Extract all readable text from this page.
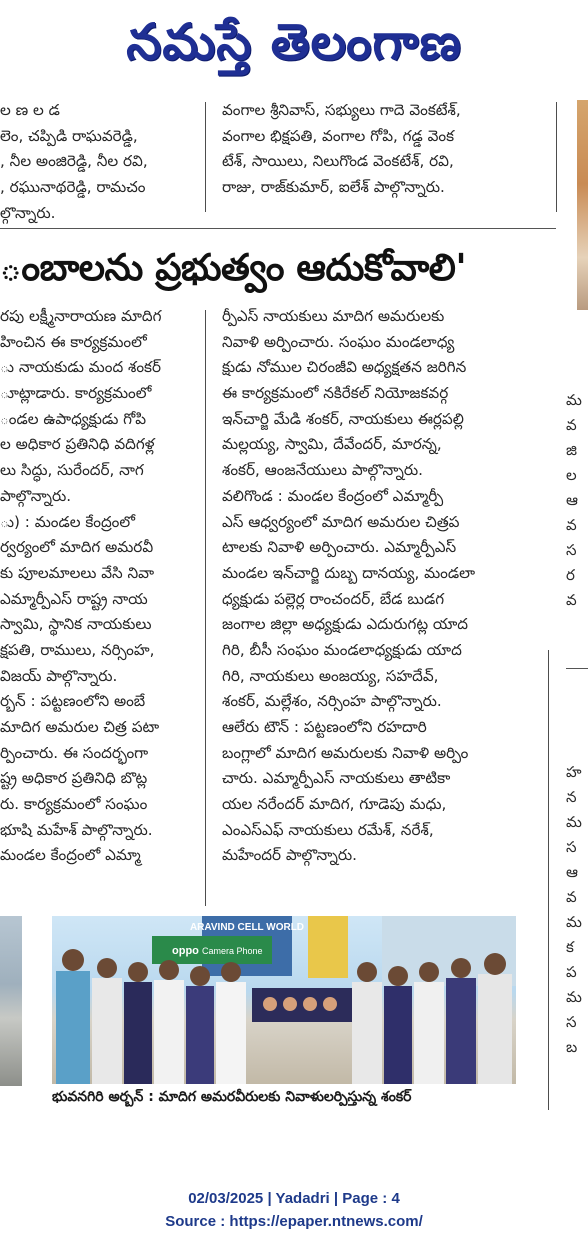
నమస్తే తెలంగాణ
ల ణ ల డ
లెం, చప్పిడి రాఘవరెడ్డి,
, నీల అంజిరెడ్డి, నీల రవి,
, రఘునాథరెడ్డి, రామచం
ల్గొన్నారు.
వంగాల శ్రీనివాస్, సభ్యులు గాదె వెంకటేశ్,
వంగాల భిక్షపతి, వంగాల గోపి, గడ్డ వెంక
టేశ్, సాయిలు, నిలుగొండ వెంకటేశ్, రవి,
రాజు, రాజ్‌కుమార్, ఐలేశ్ పాల్గొన్నారు.
ంబాలను ప్రభుత్వం ఆదుకోవాలి'
రపు లక్ష్మీనారాయణ మాదిగ
హించిన ఈ కార్యక్రమంలో
ు నాయకుడు మంద శంకర్
ూట్లాడారు. కార్యక్రమంలో
ండల ఉపాధ్యక్షుడు గోపి
ల అధికార ప్రతినిధి వదిగళ్ల
లు సిద్ధు, సురేందర్, నాగ
పాల్గొన్నారు.
ు) : మండల కేంద్రంలో
ర్వర్యంలో మాదిగ అమరవీ
కు పూలమాలలు వేసి నివా
ఎమ్మార్పీఎస్ రాష్ట్ర నాయ
స్వామి, స్థానిక నాయకులు
క్షపతి, రాములు, నర్సింహ,
విజయ్ పాల్గొన్నారు.
ర్బన్ : పట్టణంలోని అంబే
మాదిగ అమరుల చిత్ర పటా
ర్పించారు. ఈ సందర్భంగా
ష్ట్ర అధికార ప్రతినిధి బొట్ల
రు. కార్యక్రమంలో సంఘం
భూషి మహేశ్ పాల్గొన్నారు.
మండల కేంద్రంలో ఎమ్మా
ర్పీఎస్ నాయకులు మాదిగ అమరులకు
నివాళి అర్పించారు. సంఘం మండలాధ్య
క్షుడు నోముల చిరంజీవి అధ్యక్షతన జరిగిన
ఈ కార్యక్రమంలో నకిరేకల్ నియోజకవర్గ
ఇన్‌చార్జి మేడి శంకర్, నాయకులు ఈర్లపల్లి
మల్లయ్య, స్వామి, దేవేందర్, మారన్న,
శంకర్, ఆంజనేయులు పాల్గొన్నారు.
వలిగొండ : మండల కేంద్రంలో ఎమ్మార్పీ
ఎస్ ఆధ్వర్యంలో మాదిగ అమరుల చిత్రప
టాలకు నివాళి అర్పించారు. ఎమ్మార్పీఎస్
మండల ఇన్‌చార్జి దుబ్బ దానయ్య, మండలా
ధ్యక్షుడు పల్లెర్ల రాంచందర్, బేడ బుడగ
జంగాల జిల్లా అధ్యక్షుడు ఎదురుగట్ల యాద
గిరి, బీసీ సంఘం మండలాధ్యక్షుడు యాద
గిరి, నాయకులు అంజయ్య, సహదేవ్,
శంకర్, మల్లేశం, నర్సింహ పాల్గొన్నారు.
ఆలేరు టౌన్ : పట్టణంలోని రహదారి
బంగ్లాలో మాదిగ అమరులకు నివాళి అర్పిం
చారు. ఎమ్మార్పీఎస్ నాయకులు తాటికా
యల నరేందర్ మాదిగ, గూడెపు మధు,
ఎంఎస్ఎఫ్ నాయకులు రమేశ్, నరేశ్,
మహేందర్ పాల్గొన్నారు.
ARAVIND CELL WORLD
oppo Camera Phone
భువనగిరి అర్బన్ : మాదిగ అమరవీరులకు నివాళులర్పిస్తున్న శంకర్
మ
వ
జి
ల
ఆ
వ
స
ర
వ
హ
న
మ
స
ఆ
వ
మ
క
ప
మ
స
బ
02/03/2025 | Yadadri | Page : 4
Source : https://epaper.ntnews.com/
